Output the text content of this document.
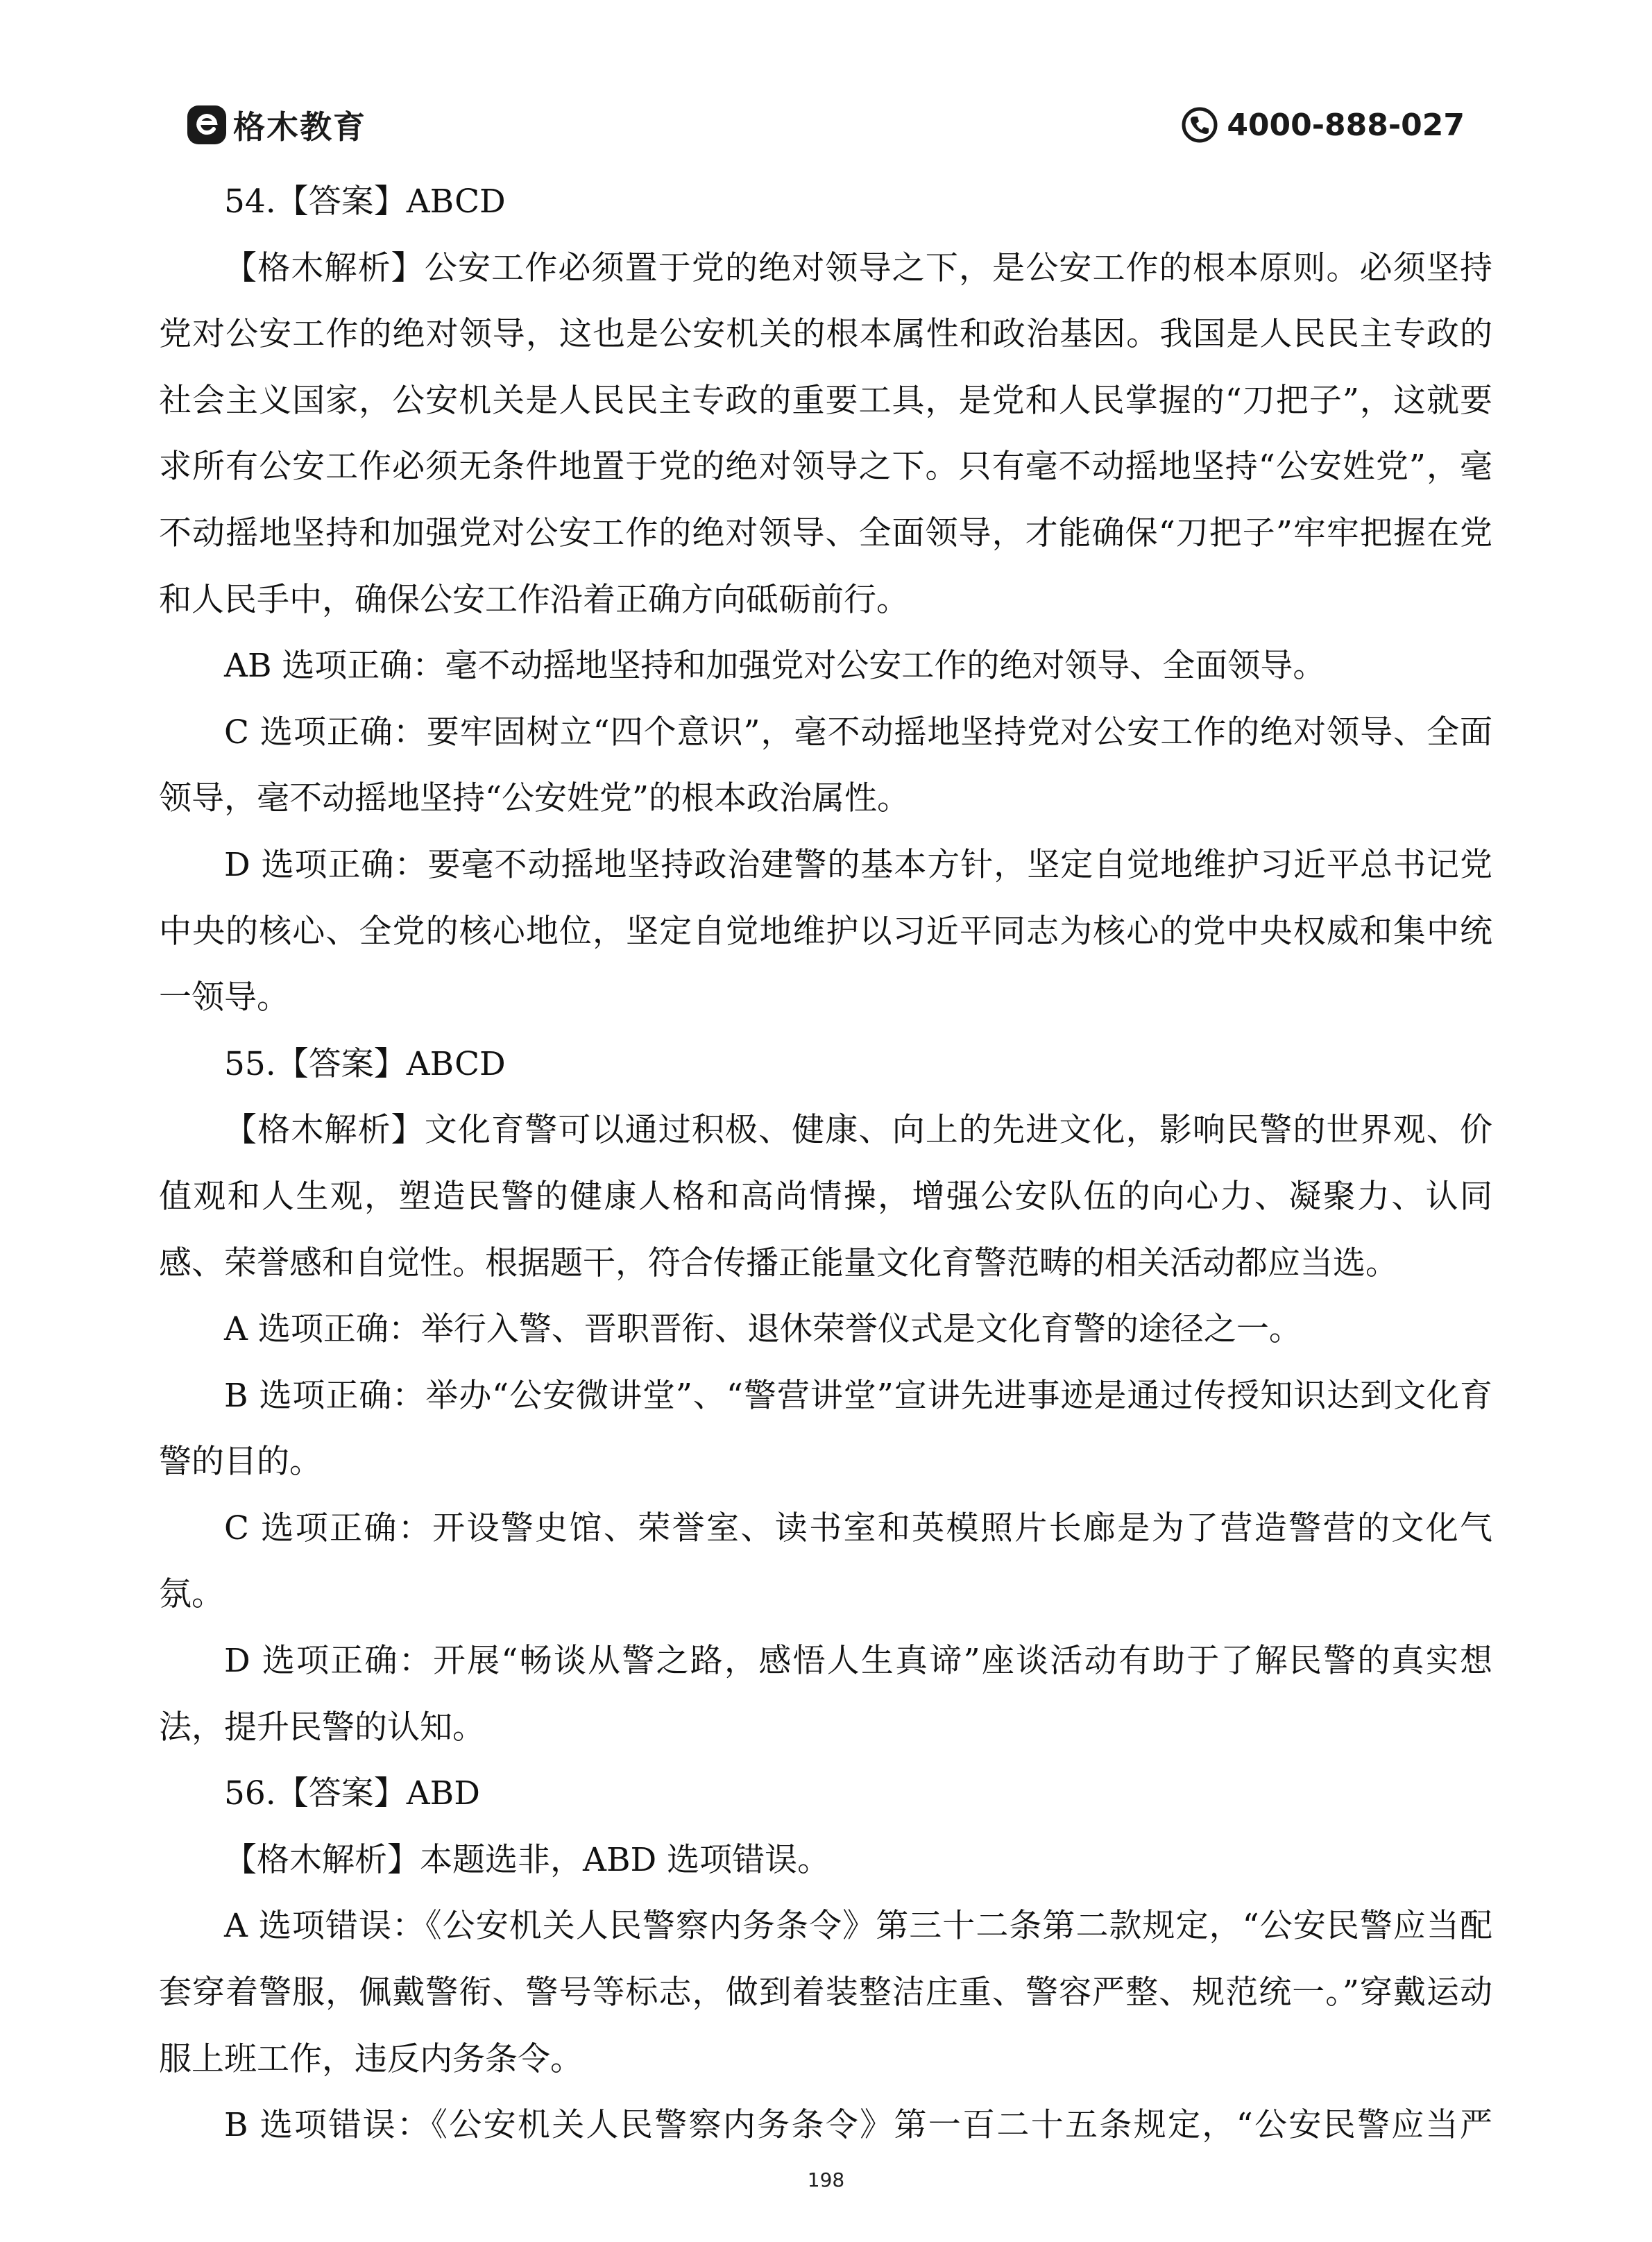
格木教育	4000-888-027

54.【答案】ABCD

【格木解析】公安工作必须置于党的绝对领导之下，是公安工作的根本原则。必须坚持党对公安工作的绝对领导，这也是公安机关的根本属性和政治基因。我国是人民民主专政的社会主义国家，公安机关是人民民主专政的重要工具，是党和人民掌握的“刀把子”，这就要求所有公安工作必须无条件地置于党的绝对领导之下。只有毫不动摇地坚持“公安姓党”，毫不动摇地坚持和加强党对公安工作的绝对领导、全面领导，才能确保“刀把子”牢牢把握在党和人民手中，确保公安工作沿着正确方向砥砺前行。

AB 选项正确：毫不动摇地坚持和加强党对公安工作的绝对领导、全面领导。

C 选项正确：要牢固树立“四个意识”，毫不动摇地坚持党对公安工作的绝对领导、全面领导，毫不动摇地坚持“公安姓党”的根本政治属性。

D 选项正确：要毫不动摇地坚持政治建警的基本方针，坚定自觉地维护习近平总书记党中央的核心、全党的核心地位，坚定自觉地维护以习近平同志为核心的党中央权威和集中统一领导。

55.【答案】ABCD

【格木解析】文化育警可以通过积极、健康、向上的先进文化，影响民警的世界观、价值观和人生观，塑造民警的健康人格和高尚情操，增强公安队伍的向心力、凝聚力、认同感、荣誉感和自觉性。根据题干，符合传播正能量文化育警范畴的相关活动都应当选。

A 选项正确：举行入警、晋职晋衔、退休荣誉仪式是文化育警的途径之一。

B 选项正确：举办“公安微讲堂”、“警营讲堂”宣讲先进事迹是通过传授知识达到文化育警的目的。

C 选项正确：开设警史馆、荣誉室、读书室和英模照片长廊是为了营造警营的文化气氛。

D 选项正确：开展“畅谈从警之路，感悟人生真谛”座谈活动有助于了解民警的真实想法，提升民警的认知。

56.【答案】ABD

【格木解析】本题选非，ABD 选项错误。

A 选项错误：《公安机关人民警察内务条令》第三十二条第二款规定，“公安民警应当配套穿着警服，佩戴警衔、警号等标志，做到着装整洁庄重、警容严整、规范统一。”穿戴运动服上班工作，违反内务条令。

B 选项错误：《公安机关人民警察内务条令》第一百二十五条规定，“公安民警应当严

198
